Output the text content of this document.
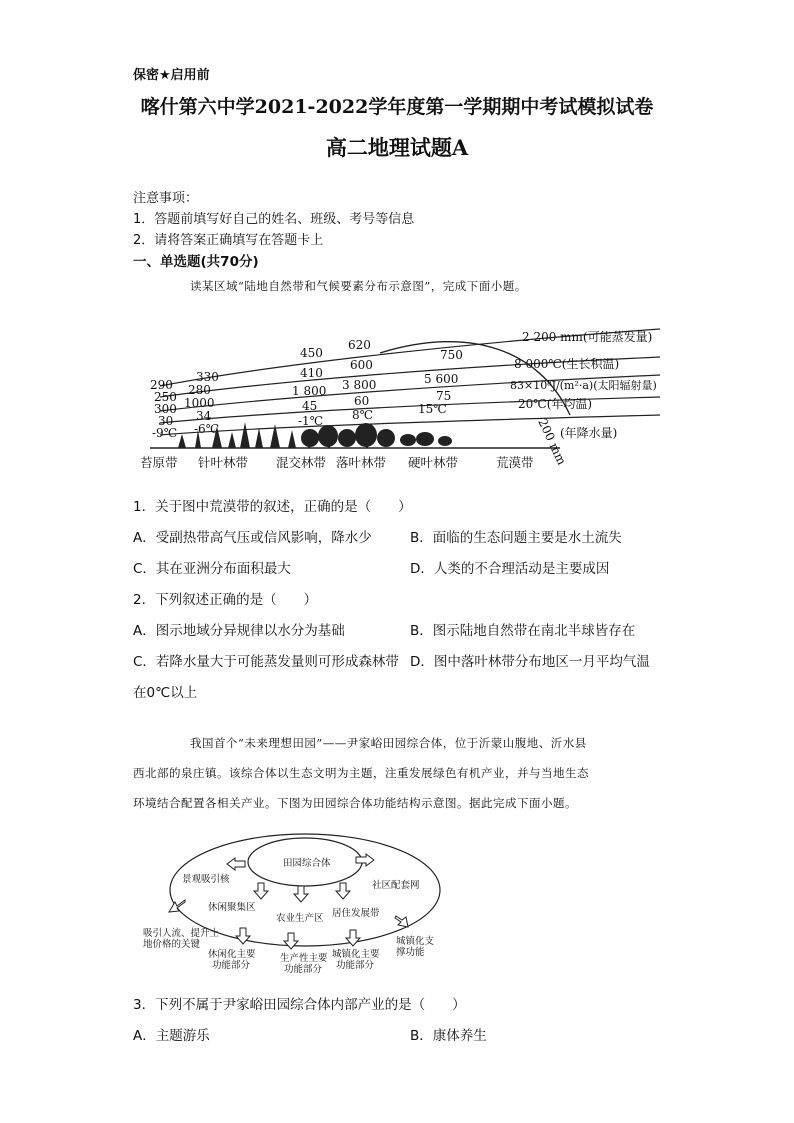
保密★启用前
喀什第六中学2021-2022学年度第一学期期中考试模拟试卷
高二地理试题A
注意事项：
1．答题前填写好自己的姓名、班级、考号等信息
2．请将答案正确填写在答题卡上
一、单选题(共70分)
读某区域“陆地自然带和气候要素分布示意图”，完成下面小题。
290
250
300
30
-9℃
330
450
620
750
280
410
600
1000
1 800 3 800	5 600
34
45	60	75
-6℃
-1℃ 8℃	15℃
2 200 mm(可能蒸发量)
8 000℃(生长积温)
83×10⁸J/(m²·a)(太阳辐射量)
20℃(年均温)
(年降水量)
200 mm
苔原带 针叶林带 混交林带 落叶林带 硬叶林带	荒漠带
1．关于图中荒漠带的叙述，正确的是（　　）
A．受副热带高气压或信风影响，降水少	B．面临的生态问题主要是水土流失
C．其在亚洲分布面积最大	D．人类的不合理活动是主要成因
2．下列叙述正确的是（　　）
A．图示地域分异规律以水分为基础	B．图示陆地自然带在南北半球皆存在
C．若降水量大于可能蒸发量则可形成森林带 D．图中落叶林带分布地区一月平均气温
在0℃以上
我国首个“未来理想田园”——尹家峪田园综合体，位于沂蒙山腹地、沂水县
西北部的泉庄镇。该综合体以生态文明为主题，注重发展绿色有机产业，并与当地生态
环境结合配置各相关产业。下图为田园综合体功能结构示意图。据此完成下面小题。
田园综合体
景观吸引核
社区配套网
休闲聚集区
农业生产区 居住发展带
吸引人流、提升土
地价格的关键
休闲化主要
功能部分
生产性主要
功能部分
城镇化主要
功能部分
城镇化支
撑功能
3．下列不属于尹家峪田园综合体内部产业的是（　　）
A．主题游乐	B．康体养生
